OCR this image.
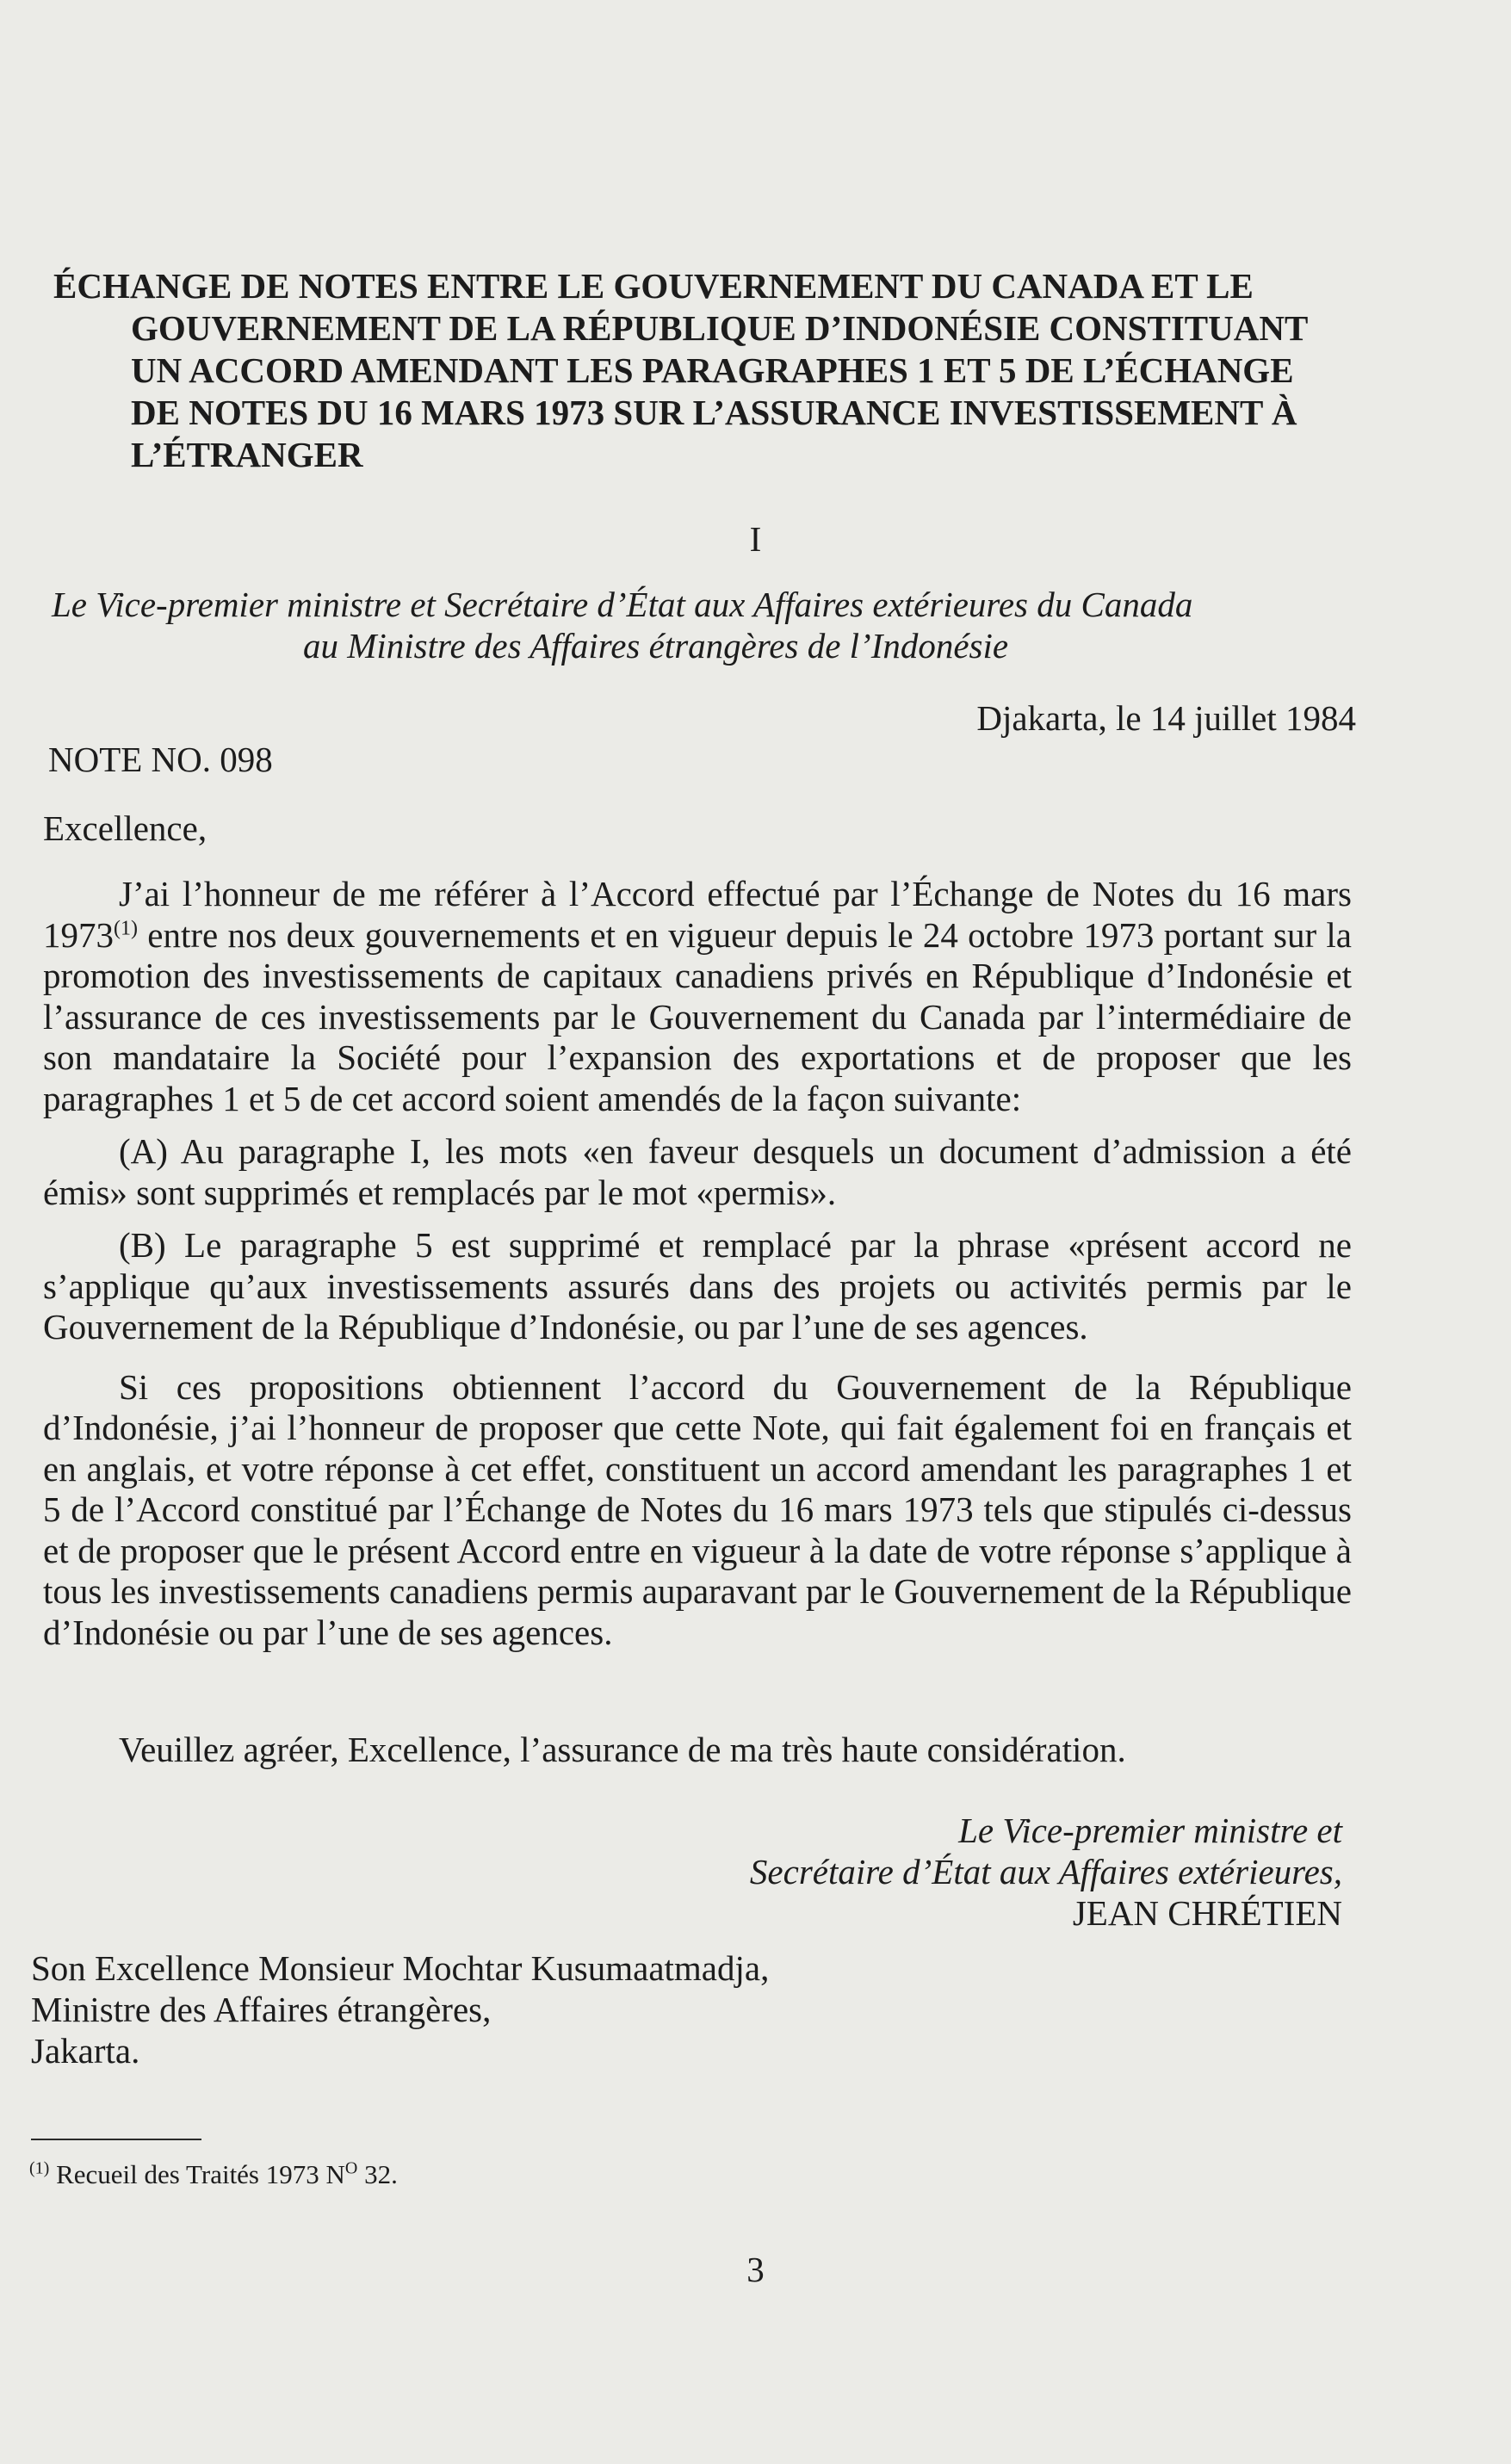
ÉCHANGE DE NOTES ENTRE LE GOUVERNEMENT DU CANADA ET LE
GOUVERNEMENT DE LA RÉPUBLIQUE D’INDONÉSIE CONSTITUANT
UN ACCORD AMENDANT LES PARAGRAPHES 1 ET 5 DE L’ÉCHANGE
DE NOTES DU 16 MARS 1973 SUR L’ASSURANCE INVESTISSEMENT À
L’ÉTRANGER
I
Le Vice-premier ministre et Secrétaire d’État aux Affaires extérieures du Canada
au Ministre des Affaires étrangères de l’Indonésie
Djakarta, le 14 juillet 1984
NOTE NO. 098
Excellence,

J’ai l’honneur de me référer à l’Accord effectué par l’Échange de Notes du 16 mars 1973$^{(1)}$ entre nos deux gouvernements et en vigueur depuis le 24 octobre 1973 portant sur la promotion des investissements de capitaux canadiens privés en République d’Indonésie et l’assurance de ces investissements par le Gouvernement du Canada par l’intermédiaire de son mandataire la Société pour l’expansion des exportations et de proposer que les paragraphes 1 et 5 de cet accord soient amendés de la façon suivante:

(A) Au paragraphe I, les mots «en faveur desquels un document d’admission a été émis» sont supprimés et remplacés par le mot «permis».

(B) Le paragraphe 5 est supprimé et remplacé par la phrase «présent accord ne s’applique qu’aux investissements assurés dans des projets ou activités permis par le Gouvernement de la République d’Indonésie, ou par l’une de ses agences.

Si ces propositions obtiennent l’accord du Gouvernement de la République d’Indonésie, j’ai l’honneur de proposer que cette Note, qui fait également foi en français et en anglais, et votre réponse à cet effet, constituent un accord amendant les paragraphes 1 et 5 de l’Accord constitué par l’Échange de Notes du 16 mars 1973 tels que stipulés ci-dessus et de proposer que le présent Accord entre en vigueur à la date de votre réponse s’applique à tous les investissements canadiens permis auparavant par le Gouvernement de la République d’Indonésie ou par l’une de ses agences.

Veuillez agréer, Excellence, l’assurance de ma très haute considération.
Le Vice-premier ministre et
Secrétaire d’État aux Affaires extérieures,
JEAN CHRÉTIEN
Son Excellence Monsieur Mochtar Kusumaatmadja,
Ministre des Affaires étrangères,
Jakarta.
$^{(1)}$ Recueil des Traités 1973 $N^O$ 32.
3
